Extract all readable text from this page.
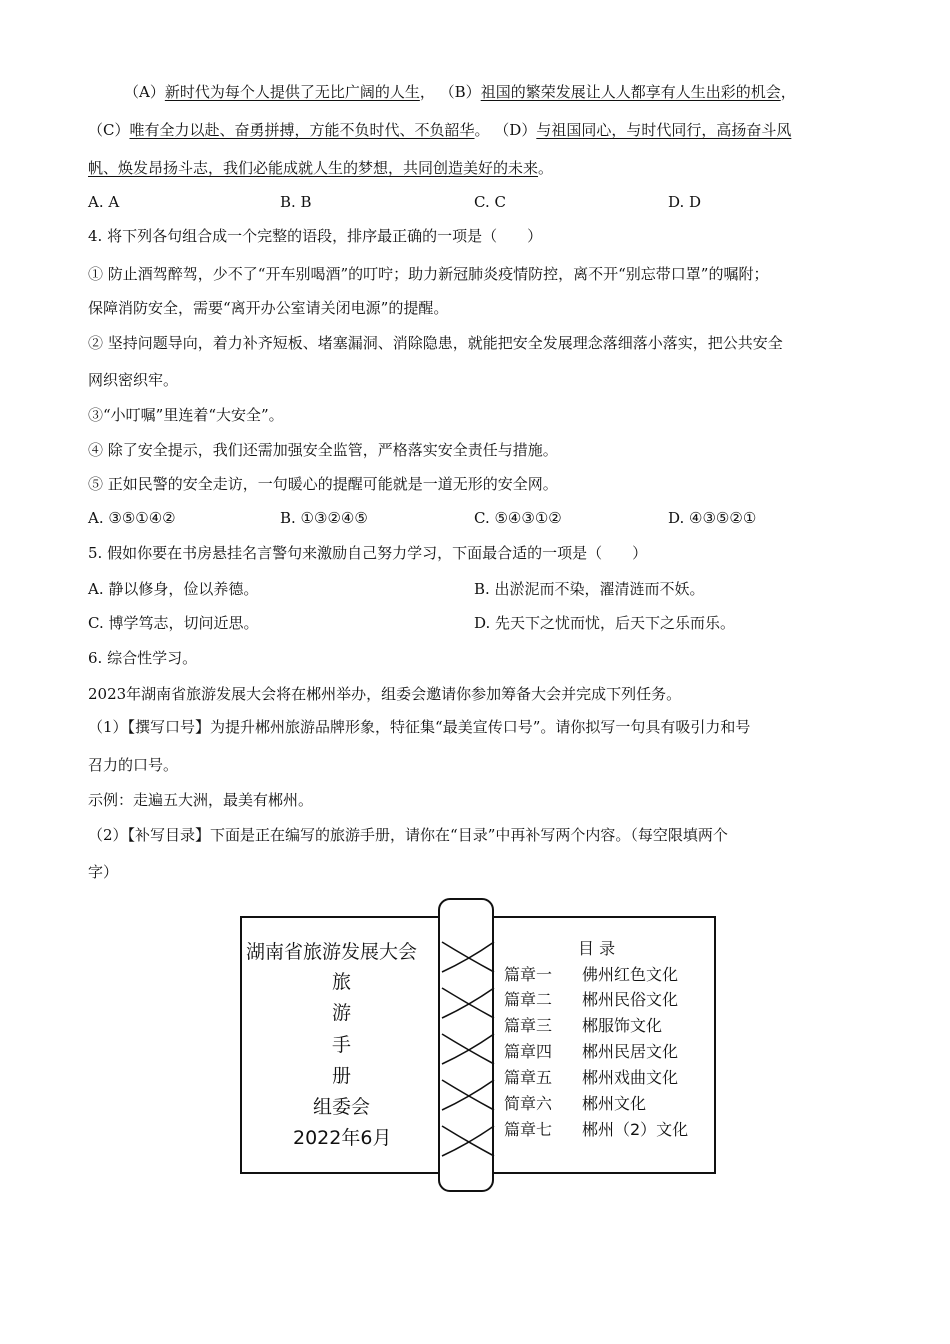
（A）新时代为每个人提供了无比广阔的人生， （B）祖国的繁荣发展让人人都享有人生出彩的机会，
（C）唯有全力以赴、奋勇拼搏，方能不负时代、不负韶华。 （D）与祖国同心，与时代同行，高扬奋斗风
帆、焕发昂扬斗志，我们必能成就人生的梦想，共同创造美好的未来。
A. A	B. B	C. C	D. D
4. 将下列各句组合成一个完整的语段，排序最正确的一项是（　　）
① 防止酒驾醉驾，少不了“开车别喝酒”的叮咛；助力新冠肺炎疫情防控，离不开“别忘带口罩”的嘱附；
保障消防安全，需要“离开办公室请关闭电源”的提醒。
② 坚持问题导向，着力补齐短板、堵塞漏洞、消除隐患，就能把安全发展理念落细落小落实，把公共安全
网织密织牢。
③“小叮嘱”里连着“大安全”。
④ 除了安全提示，我们还需加强安全监管，严格落实安全责任与措施。
⑤ 正如民警的安全走访，一句暖心的提醒可能就是一道无形的安全网。
A. ③⑤①④②	B. ①③②④⑤	C. ⑤④③①②	D. ④③⑤②①
5. 假如你要在书房悬挂名言警句来激励自己努力学习，下面最合适的一项是（　　）
A. 静以修身，俭以养德。	B. 出淤泥而不染，濯清涟而不妖。
C. 博学笃志，切问近思。	D. 先天下之忧而忧，后天下之乐而乐。
6. 综合性学习。
2023年湖南省旅游发展大会将在郴州举办，组委会邀请你参加筹备大会并完成下列任务。
（1）【撰写口号】为提升郴州旅游品牌形象，特征集“最美宣传口号”。请你拟写一句具有吸引力和号
召力的口号。
示例：走遍五大洲，最美有郴州。
（2）【补写目录】下面是正在编写的旅游手册，请你在“目录”中再补写两个内容。（每空限填两个
字）
湖南省旅游发展大会
旅
游
手
册
组委会
2022年6月
目 录
篇章一 佛州红色文化
篇章二 郴州民俗文化
篇章三 郴服饰文化
篇章四 郴州民居文化
篇章五 郴州戏曲文化
简章六 郴州文化
篇章七 郴州（2）文化
